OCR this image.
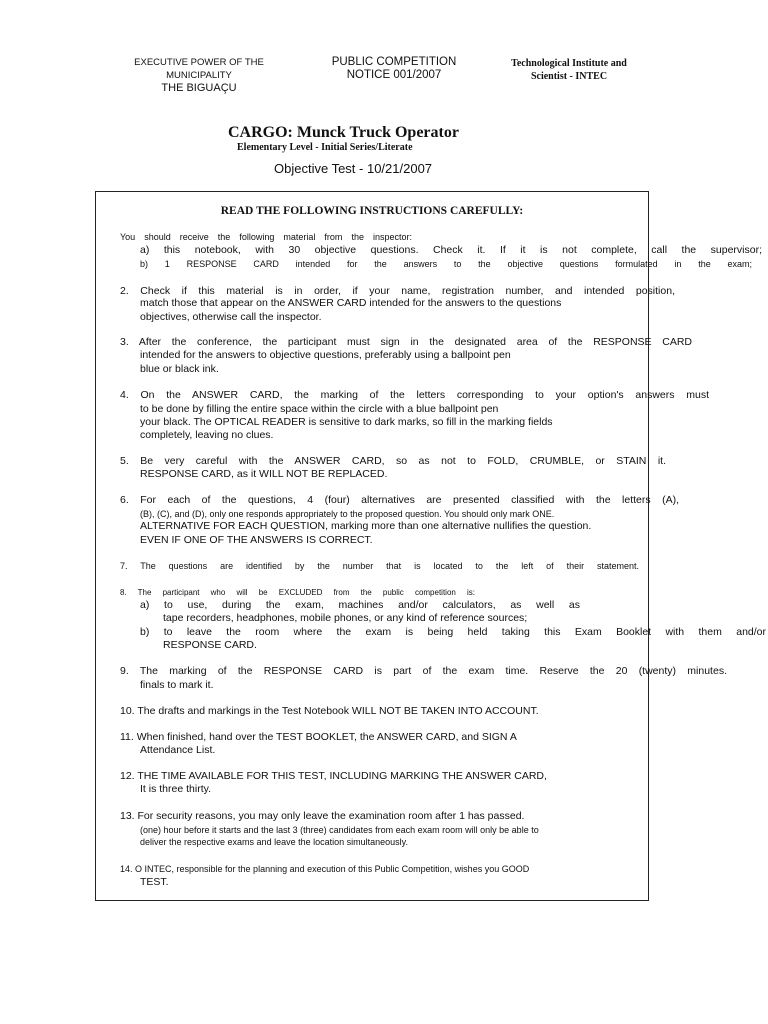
EXECUTIVE POWER OF THE MUNICIPALITY
THE BIGUAÇU
PUBLIC COMPETITION
NOTICE 001/2007
Technological Institute and
Scientist - INTEC
CARGO: Munck Truck Operator
Elementary Level - Initial Series/Literate
Objective Test - 10/21/2007
READ THE FOLLOWING INSTRUCTIONS CAREFULLY:
You should receive the following material from the inspector:
a) this notebook, with 30 objective questions. Check it. If it is not complete, call the supervisor;
b) 1 RESPONSE CARD intended for the answers to the objective questions formulated in the exam;
2. Check if this material is in order, if your name, registration number, and intended position,
match those that appear on the ANSWER CARD intended for the answers to the questions
objectives, otherwise call the inspector.
3. After the conference, the participant must sign in the designated area of the RESPONSE CARD
intended for the answers to objective questions, preferably using a ballpoint pen
blue or black ink.
4. On the ANSWER CARD, the marking of the letters corresponding to your option's answers must
to be done by filling the entire space within the circle with a blue ballpoint pen
your black. The OPTICAL READER is sensitive to dark marks, so fill in the marking fields
completely, leaving no clues.
5. Be very careful with the ANSWER CARD, so as not to FOLD, CRUMBLE, or STAIN it.
RESPONSE CARD, as it WILL NOT BE REPLACED.
6. For each of the questions, 4 (four) alternatives are presented classified with the letters (A),
(B), (C), and (D), only one responds appropriately to the proposed question. You should only mark ONE.
ALTERNATIVE FOR EACH QUESTION, marking more than one alternative nullifies the question.
EVEN IF ONE OF THE ANSWERS IS CORRECT.
7. The questions are identified by the number that is located to the left of their statement.
8. The participant who will be EXCLUDED from the public competition is:
a) to use, during the exam, machines and/or calculators, as well as
tape recorders, headphones, mobile phones, or any kind of reference sources;
b) to leave the room where the exam is being held taking this Exam Booklet with them and/or
RESPONSE CARD.
9. The marking of the RESPONSE CARD is part of the exam time. Reserve the 20 (twenty) minutes.
finals to mark it.
10. The drafts and markings in the Test Notebook WILL NOT BE TAKEN INTO ACCOUNT.
11. When finished, hand over the TEST BOOKLET, the ANSWER CARD, and SIGN A
Attendance List.
12. THE TIME AVAILABLE FOR THIS TEST, INCLUDING MARKING THE ANSWER CARD,
It is three thirty.
13. For security reasons, you may only leave the examination room after 1 has passed.
(one) hour before it starts and the last 3 (three) candidates from each exam room will only be able to
deliver the respective exams and leave the location simultaneously.
14. O INTEC, responsible for the planning and execution of this Public Competition, wishes you GOOD
TEST.
